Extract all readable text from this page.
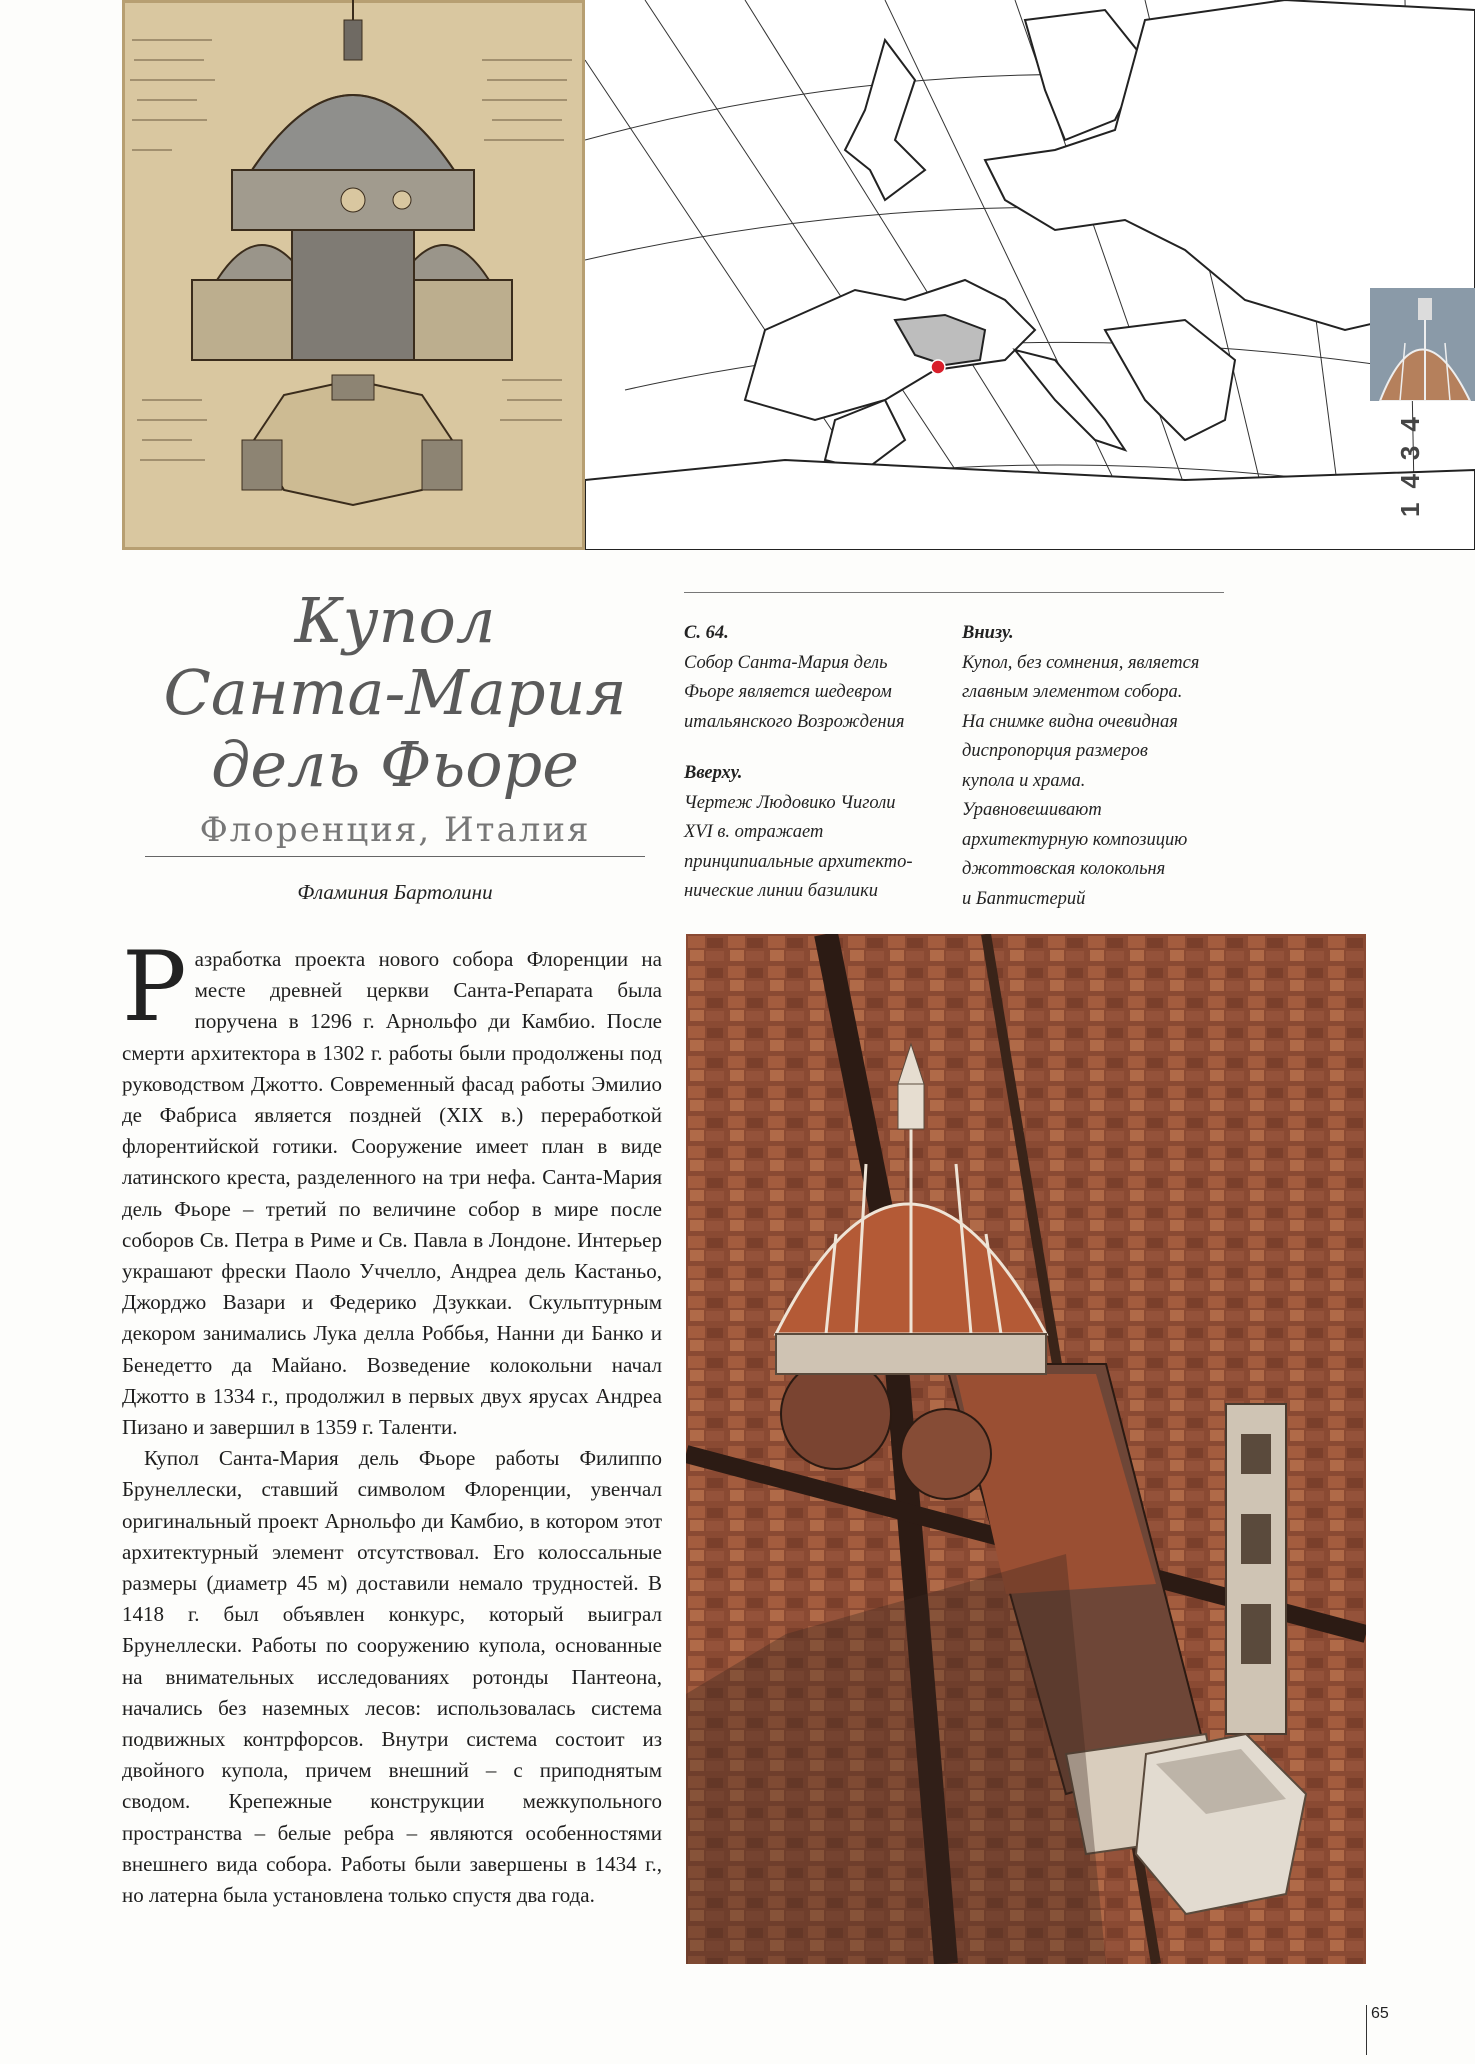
1434
Купол
Санта-Мария
дель Фьоре
Флоренция, Италия
Фламиния Бартолини
С. 64.
Собор Санта-Мария дель
Фьоре является шедевром
итальянского Возрождения
Вверху.
Чертеж Людовико Чиголи
XVI в. отражает
принципиальные архитекто-
нические линии базилики
Внизу.
Купол, без сомнения, является
главным элементом собора.
На снимке видна очевидная
диспропорция размеров
купола и храма.
Уравновешивают
архитектурную композицию
джоттовская колокольня
и Баптистерий

Разработка проекта нового собора Флоренции на месте древней церкви Санта-Репарата была поручена в 1296 г. Арнольфо ди Камбио. После смерти архитектора в 1302 г. работы были продолжены под руководством Джотто. Современный фасад работы Эмилио де Фабриса является поздней (XIX в.) переработкой флорентийской готики. Сооружение имеет план в виде латинского креста, разделенного на три нефа. Санта-Мария дель Фьоре – третий по величине собор в мире после соборов Св. Петра в Риме и Св. Павла в Лондоне. Интерьер украшают фрески Паоло Уччелло, Андреа дель Кастаньо, Джорджо Вазари и Федерико Дзуккаи. Скульптурным декором занимались Лука делла Роббья, Нанни ди Банко и Бенедетто да Майано. Возведение колокольни начал Джотто в 1334 г., продолжил в первых двух ярусах Андреа Пизано и завершил в 1359 г. Таленти.

Купол Санта-Мария дель Фьоре работы Филиппо Брунеллески, ставший символом Флоренции, увенчал оригинальный проект Арнольфо ди Камбио, в котором этот архитектурный элемент отсутствовал. Его колоссальные размеры (диаметр 45 м) доставили немало трудностей. В 1418 г. был объявлен конкурс, который выиграл Брунеллески. Работы по сооружению купола, основанные на внимательных исследованиях ротонды Пантеона, начались без наземных лесов: использовалась система подвижных контрфорсов. Внутри система состоит из двойного купола, причем внешний – с приподнятым сводом. Крепежные конструкции межкупольного пространства – белые ребра – являются особенностями внешнего вида собора. Работы были завершены в 1434 г., но латерна была установлена только спустя два года.

65
